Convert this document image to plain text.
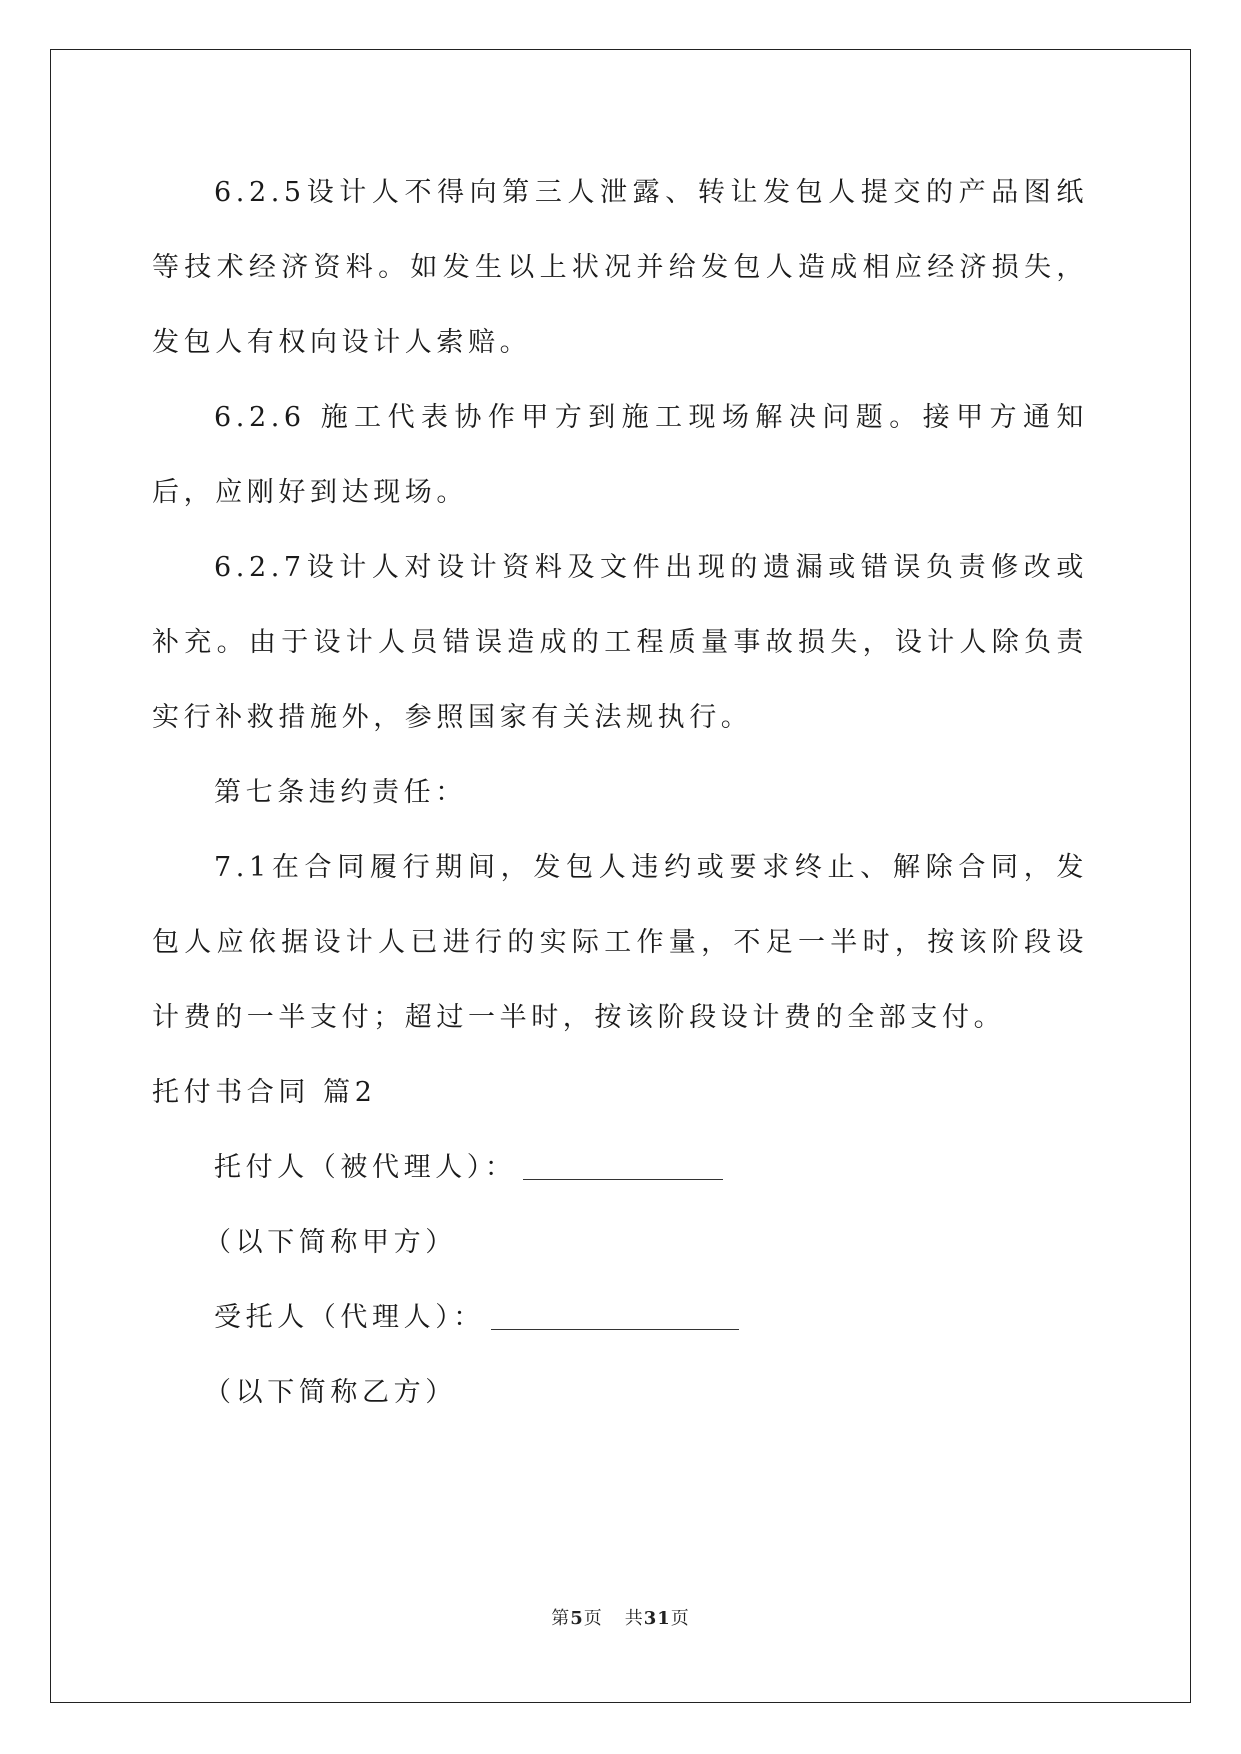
6.2.5设计人不得向第三人泄露、转让发包人提交的产品图纸等技术经济资料。如发生以上状况并给发包人造成相应经济损失，发包人有权向设计人索赔。

6.2.6 施工代表协作甲方到施工现场解决问题。接甲方通知后，应刚好到达现场。

6.2.7设计人对设计资料及文件出现的遗漏或错误负责修改或补充。由于设计人员错误造成的工程质量事故损失，设计人除负责实行补救措施外，参照国家有关法规执行。

第七条违约责任：

7.1在合同履行期间，发包人违约或要求终止、解除合同，发包人应依据设计人已进行的实际工作量，不足一半时，按该阶段设计费的一半支付；超过一半时，按该阶段设计费的全部支付。

托付书合同 篇2

托付人（被代理人）：
（以下简称甲方）
受托人（代理人）：
（以下简称乙方）
第5页 共31页
